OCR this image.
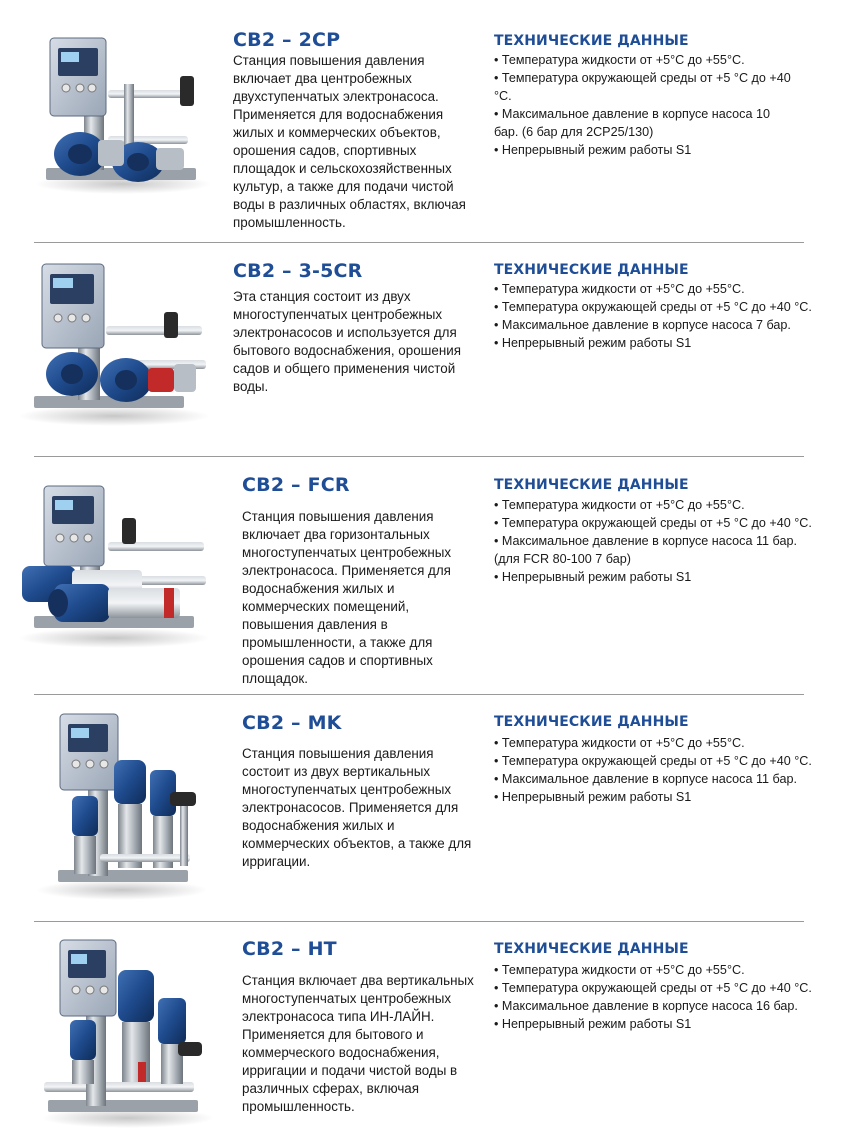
CB2 – 2CP

Станция повышения давления включает два центробежных двухступенчатых электронасоса. Применяется для водоснабжения жилых и коммерческих объектов, орошения садов, спортивных площадок и сельскохозяйственных культур, а также для подачи чистой воды в различных областях, включая промышленность.

ТЕХНИЧЕСКИЕ ДАННЫЕ
• Температура жидкости от +5°С до +55°С.
• Температура окружающей среды от +5 °С до +40 °С.
• Максимальное давление в корпусе насоса 10 бар. (6 бар для 2CP25/130)
• Непрерывный режим работы S1
CB2 – 3-5CR

Эта станция состоит из двух многоступенчатых центробежных электронасосов и используется для бытового водоснабжения, орошения садов и общего применения чистой воды.

ТЕХНИЧЕСКИЕ ДАННЫЕ
• Температура жидкости от +5°С до +55°С.
• Температура окружающей среды от +5 °С до +40 °С.
• Максимальное давление в корпусе насоса 7 бар.
• Непрерывный режим работы S1
CB2 – FCR

Станция повышения давления включает два горизонтальных многоступенчатых центробежных электронасоса. Применяется для водоснабжения жилых и коммерческих помещений, повышения давления в промышленности, а также для орошения садов и спортивных площадок.

ТЕХНИЧЕСКИЕ ДАННЫЕ
• Температура жидкости от +5°С до +55°С.
• Температура окружающей среды от +5 °С до +40 °С.
• Максимальное давление в корпусе насоса 11 бар.
(для FCR 80-100 7 бар)
• Непрерывный режим работы S1
CB2 – MK

Станция повышения давления состоит из двух вертикальных многоступенчатых центробежных электронасосов. Применяется для водоснабжения жилых и коммерческих объектов, а также для ирригации.

ТЕХНИЧЕСКИЕ ДАННЫЕ
• Температура жидкости от +5°С до +55°С.
• Температура окружающей среды от +5 °С до +40 °С.
• Максимальное давление в корпусе насоса 11 бар.
• Непрерывный режим работы S1
CB2 – HT

Станция включает два вертикальных многоступенчатых центробежных электронасоса типа ИН-ЛАЙН. Применяется для бытового и коммерческого водоснабжения, ирригации и подачи чистой воды в различных сферах, включая промышленность.

ТЕХНИЧЕСКИЕ ДАННЫЕ
• Температура жидкости от +5°С до +55°С.
• Температура окружающей среды от +5 °С до +40 °С.
• Максимальное давление в корпусе насоса 16 бар.
• Непрерывный режим работы S1
